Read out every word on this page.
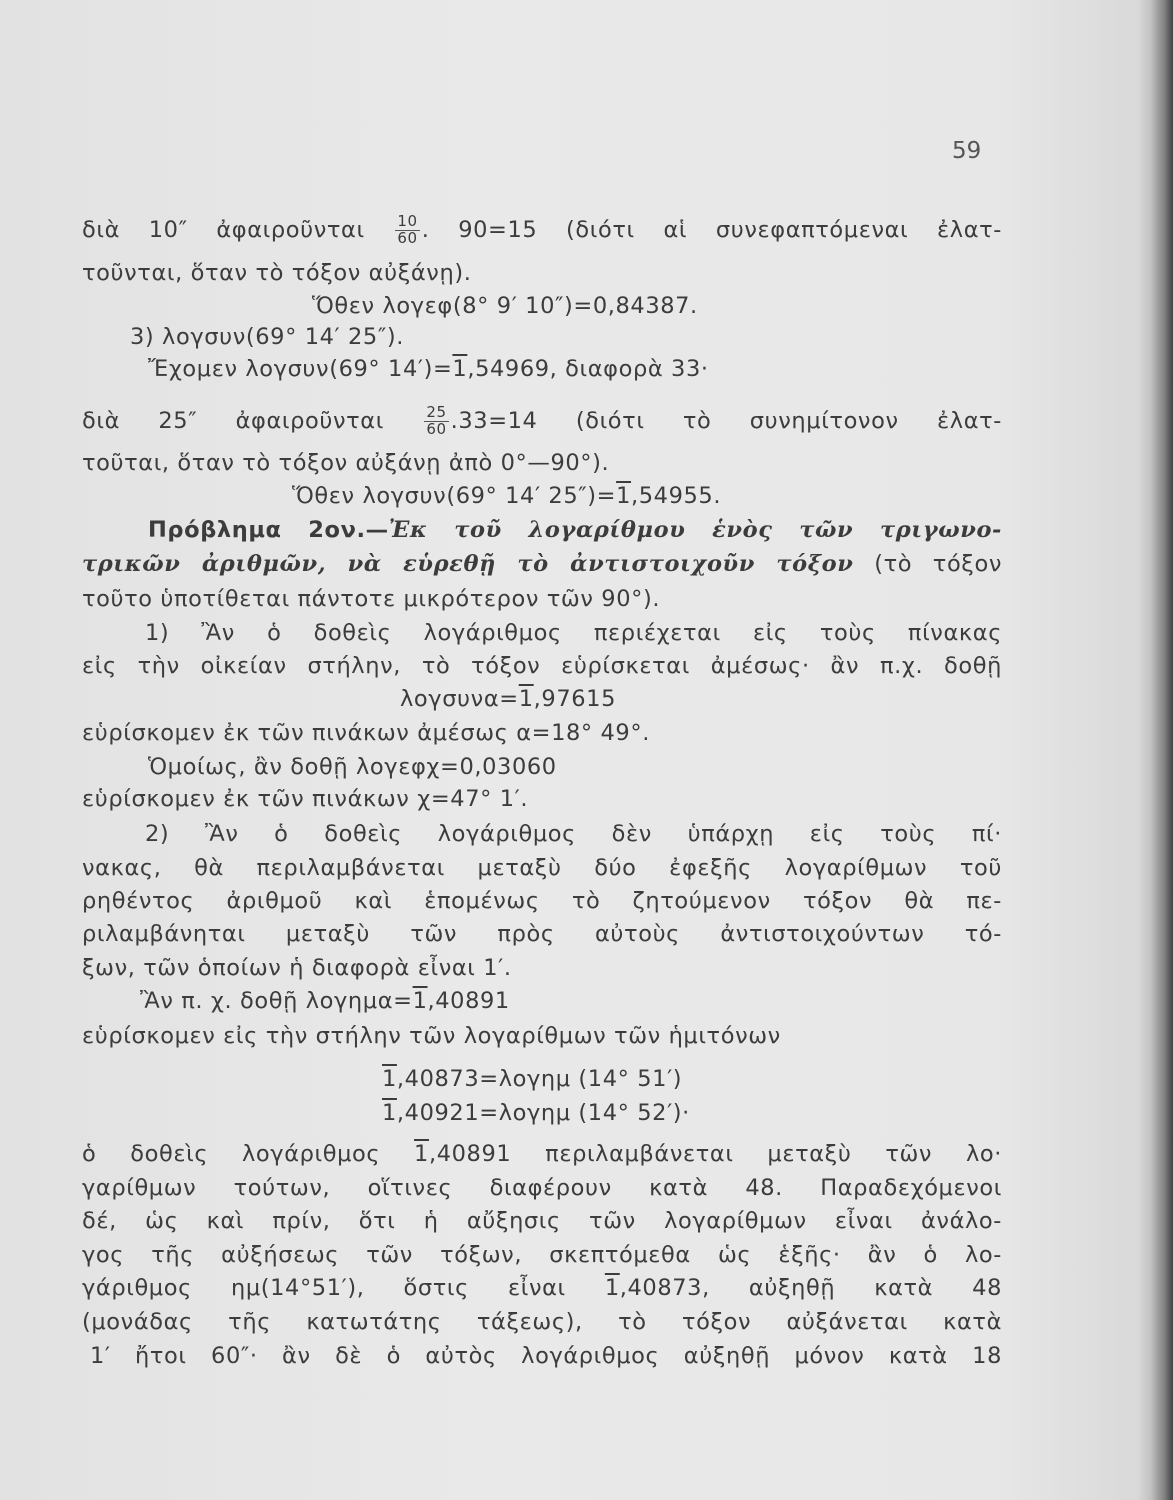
59
διὰ 10″ ἀφαιροῦνται $\frac{10}{60}$ . 90=15 (διότι αἱ συνεφαπτόμεναι ἐλατ-
τοῦνται, ὅταν τὸ τόξον αὐξάνῃ).
Ὅθεν λογεφ(8° 9′ 10″)=0,84387.
3) λογσυν(69° 14′ 25″).
Ἔχομεν λογσυν(69° 14′)=1,54969, διαφορὰ 33·
διὰ 25″ ἀφαιροῦνται $\frac{25}{60} .33=14$ (διότι τὸ συνημίτονον ἐλατ-
τοῦται, ὅταν τὸ τόξον αὐξάνῃ ἀπὸ 0°—90°).
Ὅθεν λογσυν(69° 14′ 25″)=1,54955.
Πρόβλημα 2ον.—Ἐκ τοῦ λογαρίθμου ἑνὸς τῶν τριγωνο-
τρικῶν ἀριθμῶν, νὰ εὑρεθῇ τὸ ἀντιστοιχοῦν τόξον (τὸ τόξον
τοῦτο ὑποτίθεται πάντοτε μικρότερον τῶν 90°).
1) Ἂν ὁ δοθεὶς λογάριθμος περιέχεται εἰς τοὺς πίνακας
εἰς τὴν οἰκείαν στήλην, τὸ τόξον εὑρίσκεται ἀμέσως· ἂν π.χ. δοθῇ
λογσυνα=1,97615
εὑρίσκομεν ἐκ τῶν πινάκων ἀμέσως α=18° 49°.
Ὁμοίως, ἂν δοθῇ λογεφχ=0,03060
εὑρίσκομεν ἐκ τῶν πινάκων χ=47° 1′.
2) Ἂν ὁ δοθεὶς λογάριθμος δὲν ὑπάρχῃ εἰς τοὺς πί·
νακας, θὰ περιλαμβάνεται μεταξὺ δύο ἐφεξῆς λογαρίθμων τοῦ
ρηθέντος ἀριθμοῦ καὶ ἑπομένως τὸ ζητούμενον τόξον θὰ πε-
ριλαμβάνηται μεταξὺ τῶν πρὸς αὐτοὺς ἀντιστοιχούντων τό-
ξων, τῶν ὁποίων ἡ διαφορὰ εἶναι 1′.
Ἂν π. χ. δοθῇ λογημα=1,40891
εὑρίσκομεν εἰς τὴν στήλην τῶν λογαρίθμων τῶν ἡμιτόνων
1,40873=λογημ (14° 51′)
1,40921=λογημ (14° 52′)·
ὁ δοθεὶς λογάριθμος 1,40891 περιλαμβάνεται μεταξὺ τῶν λο·
γαρίθμων τούτων, οἵτινες διαφέρουν κατὰ 48. Παραδεχόμενοι
δέ, ὡς καὶ πρίν, ὅτι ἡ αὔξησις τῶν λογαρίθμων εἶναι ἀνάλο-
γος τῆς αὐξήσεως τῶν τόξων, σκεπτόμεθα ὡς ἑξῆς· ἂν ὁ λο-
γάριθμος ημ(14°51′), ὅστις εἶναι 1,40873, αὐξηθῇ κατὰ 48
(μονάδας τῆς κατωτάτης τάξεως), τὸ τόξον αὐξάνεται κατὰ
1′ ἤτοι 60″· ἂν δὲ ὁ αὐτὸς λογάριθμος αὐξηθῇ μόνον κατὰ 18
